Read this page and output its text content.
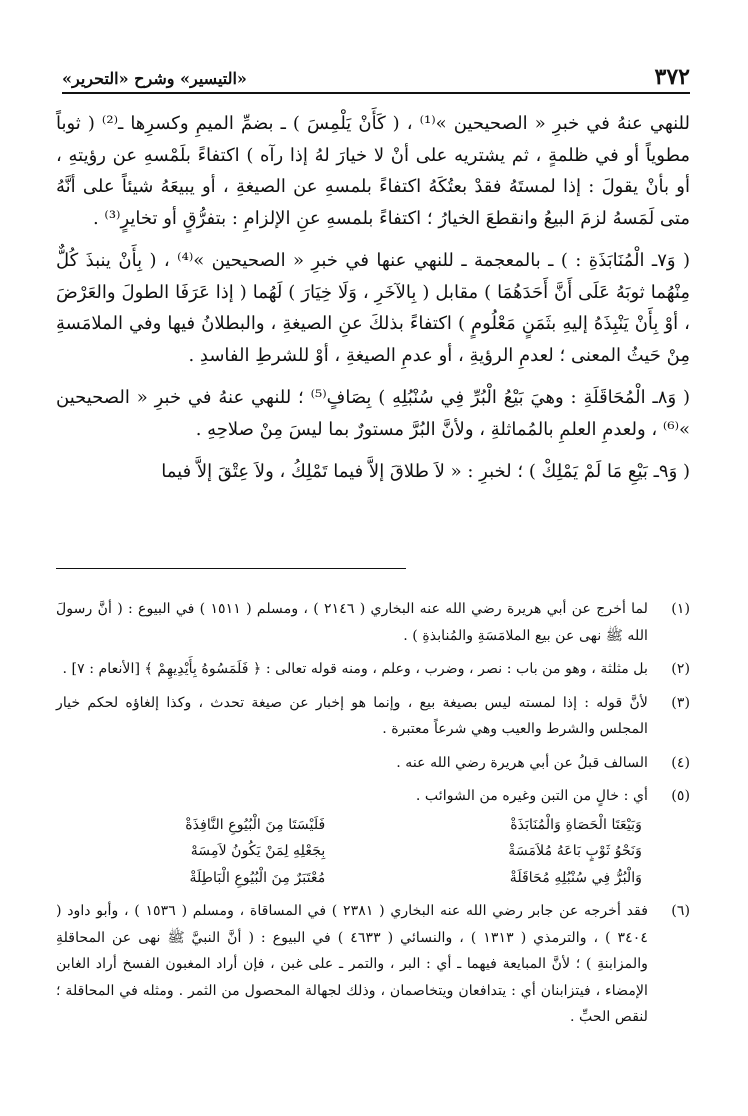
٣٧٢
«التيسير» وشرح «التحرير»

للنهي عنهُ في خبرِ « الصحيحين »⁽¹⁾ ، ( كَأَنْ يَلْمِسَ ) ـ بضمِّ الميمِ وكسرِها ـ⁽²⁾ ( ثوباً مطوياً أو في ظلمةٍ ، ثم يشتريه على أنْ لا خيارَ لهُ إذا رآه ) اكتفاءً بلَمْسهِ عن رؤيتهِ ، أو بأنْ يقولَ : إذا لمستَهُ فقدْ بعتُكَهُ اكتفاءً بلمسهِ عن الصيغةِ ، أو يبيعَهُ شيئاً على أنَّهُ متى لَمَسهُ لزمَ البيعُ وانقطعَ الخيارُ ؛ اكتفاءً بلمسهِ عنِ الإلزامِ : بتفرُّقٍ أو تخايرٍ⁽³⁾ .

( وَ٧ـ الْمُنَابَذَةِ : ) ـ بالمعجمة ـ للنهي عنها في خبرِ « الصحيحين »⁽⁴⁾ ، ( بِأَنْ ينبذَ كُلٌّ مِنْهُما ثوبَهُ عَلَى أَنَّ أَحَدَهُمَا ) مقابل ( بِالآخَرِ ، وَلَا خِيَارَ ) لَهُما ( إذا عَرَفَا الطولَ والعَرْضَ ، أوْ بِأَنْ يَنْبِذَهُ إليهِ بثَمَنٍ مَعْلُومٍ ) اكتفاءً بذلكَ عنِ الصيغةِ ، والبطلانُ فيها وفي الملامَسةِ مِنْ حَيثُ المعنى ؛ لعدمِ الرؤيةِ ، أو عدمِ الصيغةِ ، أوْ للشرطِ الفاسدِ .

( وَ٨ـ الْمُحَاقَلَةِ : وهيَ بَيْعُ الْبُرِّ فِي سُنْبُلِهِ ) بِصَافٍ⁽⁵⁾ ؛ للنهي عنهُ في خبرِ « الصحيحين »⁽⁶⁾ ، ولعدمِ العلمِ بالمُماثلةِ ، ولأنَّ البُرَّ مستورٌ بما ليسَ مِنْ صلاحِهِ .

( وَ٩ـ بَيْعِ مَا لَمْ يَمْلِكْ ) ؛ لخبرِ : « لاَ طلاقَ إلاَّ فيما تَمْلِكُ ، ولاَ عِتْقَ إلاَّ فيما

(١)
لما أخرج عن أبي هريرة رضي الله عنه البخاري ( ٢١٤٦ ) ، ومسلم ( ١٥١١ ) في البيوع : ( أنَّ رسولَ الله ﷺ نهى عن بيع الملامَسَةِ والمُنابذةِ ) .
(٢)
بل مثلثة ، وهو من باب : نصر ، وضرب ، وعلم ، ومنه قوله تعالى : ﴿ فَلَمَسُوهُ بِأَيْدِيهِمْ ﴾ [الأنعام : ٧] .
(٣)
لأنَّ قوله : إذا لمسته ليس بصيغة بيع ، وإنما هو إخبار عن صيغة تحدث ، وكذا إلغاؤه لحكم خيار المجلس والشرط والعيب وهي شرعاً معتبرة .
(٤)
السالف قبلُ عن أبي هريرة رضي الله عنه .
(٥)
أي : خالٍ من التبن وغيره من الشوائب .
وَبَيْعَتَا الْحَصَاةِ وَالْمُنَابَذَةْ
فَلَيْسَتَا مِنَ الْبُيُوعِ النَّافِذَةْ
وَنَحْوُ ثَوْبٍ بَاعَهُ مُلاَمَسَةْ
بِجَعْلِهِ لِمَنْ يَكُونُ لاَمِسَهْ
وَالْبُرُّ فِي سُنْبُلِهِ مُحَاقَلَةْ
مُعْتَبَرٌ مِنَ الْبُيُوعِ الْبَاطِلَةْ
(٦)
فقد أخرجه عن جابر رضي الله عنه البخاري ( ٢٣٨١ ) في المساقاة ، ومسلم ( ١٥٣٦ ) ، وأبو داود ( ٣٤٠٤ ) ، والترمذي ( ١٣١٣ ) ، والنسائي ( ٤٦٣٣ ) في البيوع : ( أنَّ النبيَّ ﷺ نهى عن المحاقلةِ والمزابنةِ ) ؛ لأنَّ المبايعة فيهما ـ أي : البر ، والتمر ـ على غبن ، فإن أراد المغبون الفسخ أراد الغابن الإمضاء ، فيتزابنان أي : يتدافعان ويتخاصمان ، وذلك لجهالة المحصول من الثمر . ومثله في المحاقلة ؛ لنقص الحبِّ .
